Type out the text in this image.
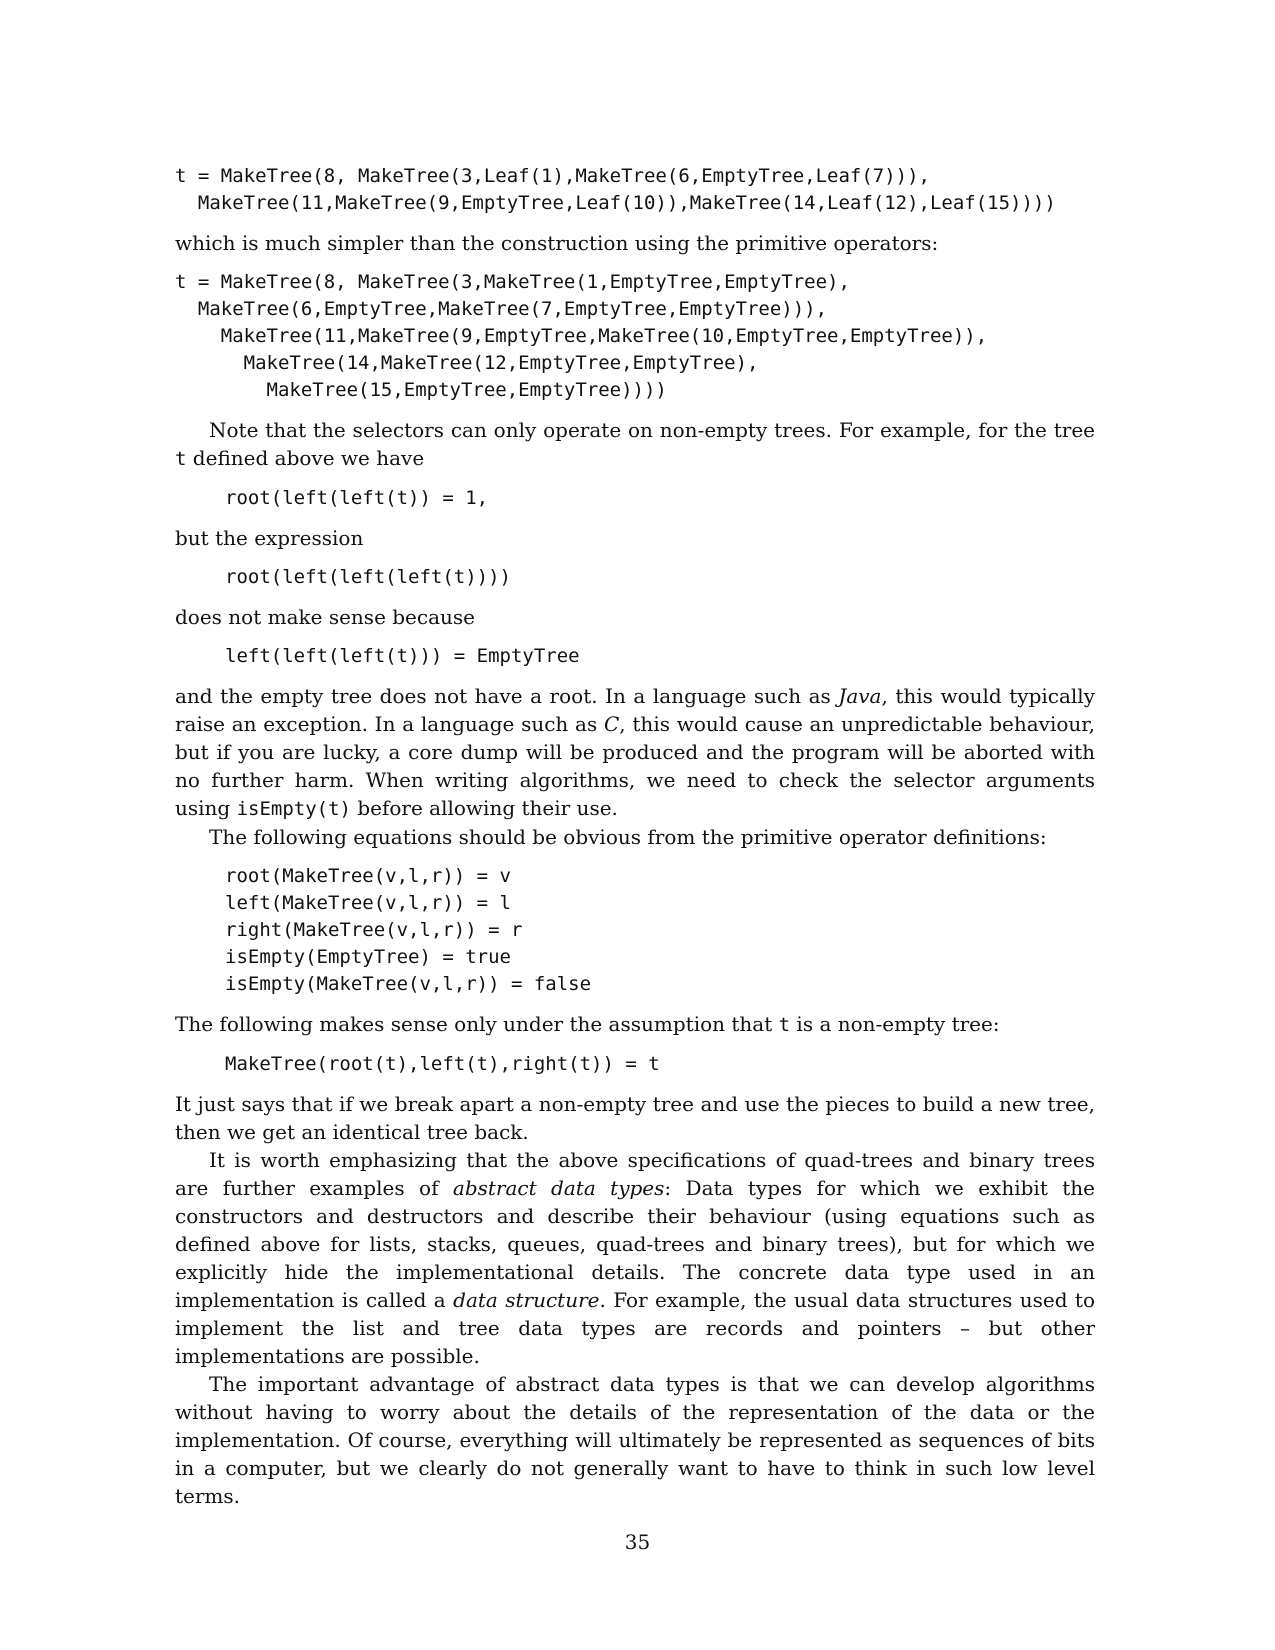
t = MakeTree(8, MakeTree(3,Leaf(1),MakeTree(6,EmptyTree,Leaf(7))),
MakeTree(11,MakeTree(9,EmptyTree,Leaf(10)),MakeTree(14,Leaf(12),Leaf(15))))

which is much simpler than the construction using the primitive operators:

t = MakeTree(8, MakeTree(3,MakeTree(1,EmptyTree,EmptyTree),
MakeTree(6,EmptyTree,MakeTree(7,EmptyTree,EmptyTree))),
MakeTree(11,MakeTree(9,EmptyTree,MakeTree(10,EmptyTree,EmptyTree)),
MakeTree(14,MakeTree(12,EmptyTree,EmptyTree),
MakeTree(15,EmptyTree,EmptyTree))))

Note that the selectors can only operate on non-empty trees. For example, for the tree t defined above we have

root(left(left(t)) = 1,

but the expression

root(left(left(left(t))))

does not make sense because

left(left(left(t))) = EmptyTree

and the empty tree does not have a root. In a language such as Java, this would typically raise an exception. In a language such as C, this would cause an unpredictable behaviour, but if you are lucky, a core dump will be produced and the program will be aborted with no further harm. When writing algorithms, we need to check the selector arguments using isEmpty(t) before allowing their use.

The following equations should be obvious from the primitive operator definitions:

root(MakeTree(v,l,r)) = v
left(MakeTree(v,l,r)) = l
right(MakeTree(v,l,r)) = r
isEmpty(EmptyTree) = true
isEmpty(MakeTree(v,l,r)) = false

The following makes sense only under the assumption that t is a non-empty tree:

MakeTree(root(t),left(t),right(t)) = t

It just says that if we break apart a non-empty tree and use the pieces to build a new tree, then we get an identical tree back.

It is worth emphasizing that the above specifications of quad-trees and binary trees are further examples of abstract data types: Data types for which we exhibit the constructors and destructors and describe their behaviour (using equations such as defined above for lists, stacks, queues, quad-trees and binary trees), but for which we explicitly hide the implementational details. The concrete data type used in an implementation is called a data structure. For example, the usual data structures used to implement the list and tree data types are records and pointers – but other implementations are possible.

The important advantage of abstract data types is that we can develop algorithms without having to worry about the details of the representation of the data or the implementation. Of course, everything will ultimately be represented as sequences of bits in a computer, but we clearly do not generally want to have to think in such low level terms.

35
